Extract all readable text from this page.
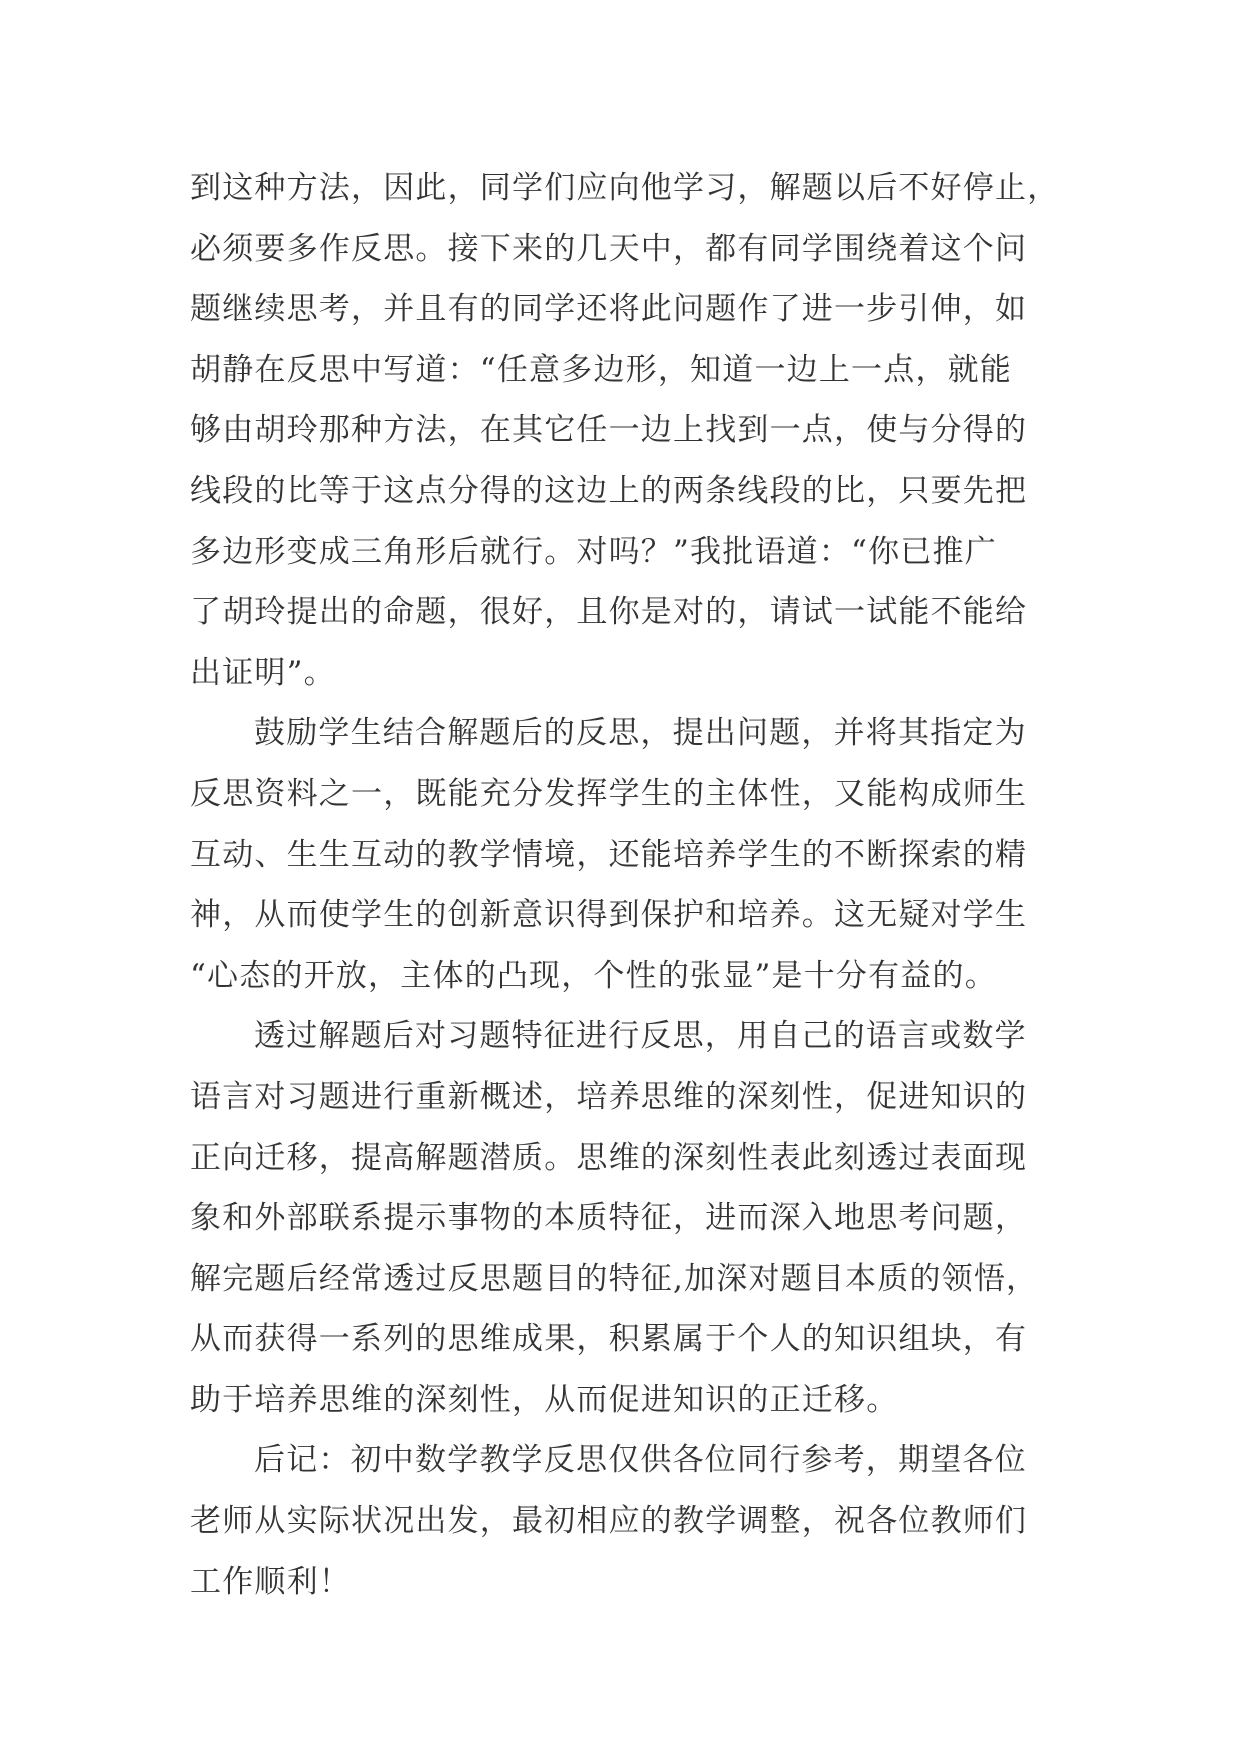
到这种方法，因此，同学们应向他学习，解题以后不好停止，
必须要多作反思。接下来的几天中，都有同学围绕着这个问
题继续思考，并且有的同学还将此问题作了进一步引伸，如
胡静在反思中写道：“任意多边形，知道一边上一点，就能
够由胡玲那种方法，在其它任一边上找到一点，使与分得的
线段的比等于这点分得的这边上的两条线段的比，只要先把
多边形变成三角形后就行。对吗？”我批语道：“你已推广
了胡玲提出的命题，很好，且你是对的，请试一试能不能给
出证明”。
鼓励学生结合解题后的反思，提出问题，并将其指定为
反思资料之一，既能充分发挥学生的主体性，又能构成师生
互动、生生互动的教学情境，还能培养学生的不断探索的精
神，从而使学生的创新意识得到保护和培养。这无疑对学生
“心态的开放，主体的凸现，个性的张显”是十分有益的。
透过解题后对习题特征进行反思，用自己的语言或数学
语言对习题进行重新概述，培养思维的深刻性，促进知识的
正向迁移，提高解题潜质。思维的深刻性表此刻透过表面现
象和外部联系提示事物的本质特征，进而深入地思考问题，
解完题后经常透过反思题目的特征,加深对题目本质的领悟，
从而获得一系列的思维成果，积累属于个人的知识组块，有
助于培养思维的深刻性，从而促进知识的正迁移。
后记：初中数学教学反思仅供各位同行参考，期望各位
老师从实际状况出发，最初相应的教学调整，祝各位教师们
工作顺利！
